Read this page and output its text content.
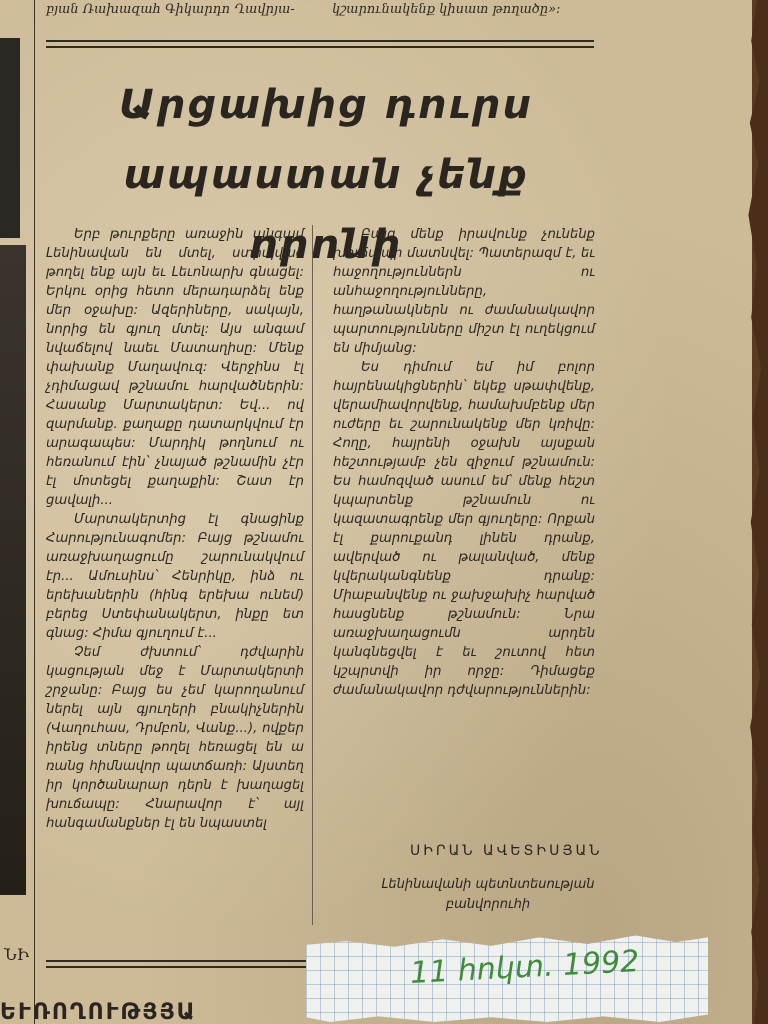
ՆԻ
բյան Ռախազահ Գիկարդո Ղավրյա-	կշարունակենք կիսատ թողածը»:
Արցախից դուրս
ապաստան չենք որոնի

Երբ թուրքերը առաջին անգամ Լենինավան են մտել, ստիպված թողել ենք այն եւ Լեւոնարխ գնացել: Երկու օրից հետո մերադարձել ենք մեր օջախը: Ազերիները, սակայն, նորից են գյուղ մտել: Այս անգամ նվաճելով նաեւ Մատաղիսը: Մենք փախանք Մաղավուզ: Վերջինս էլ չդիմացավ թշնամու հարվածներին: Հասանք Մարտակերտ: Եվ... ով զարմանք. քաղաքը դատարկվում էր արագապես: Մարդիկ թողնում ու հեռանում էին՝ չնայած թշնամին չէր էլ մոտեցել քաղաքին: Շատ էր ցավալի...

Մարտակերտից էլ գնացինք Հարությունագոմեր: Բայց թշնամու առաջխաղացումը շարունակվում էր... Ամուսինս՝ Հենրիկը, ինձ ու երեխաներին (հինգ երեխա ունեմ) բերեց Ստեփանակերտ, ինքը ետ գնաց: Հիմա գյուղում է...

Չեմ ժխտում՝ դժվարին կացության մեջ է Մարտակերտի շրջանը: Բայց ես չեմ կարողանում ներել այն գյուղերի բնակիչներին (Վաղուհաս, Դրմբոն, Վանք...), ովքեր իրենց տները թողել հեռացել են ա ռանց հիմնավոր պատճառի: Այստեղ իր կործանարար դերն է խաղացել խուճապը: Հնարավոր է՝ այլ հանգամանքներ էլ են նպաստել

Բայց մենք իրավունք չունենք խուճապի մատնվել: Պատերազմ է, եւ հաջողություններն ու անհաջողությունները, հաղթանակներն ու ժամանակավոր պարտությունները միշտ էլ ուղեկցում են միմյանց:

Ես դիմում եմ իմ բոլոր հայրենակիցներին՝ եկեք սթափվենք, վերամիավորվենք, համախմբենք մեր ուժերը եւ շարունակենք մեր կռիվը: Հողը, հայրենի օջախն այսքան հեշտությամբ չեն զիջում թշնամուն: Ես համոզված ասում եմ՝ մենք հեշտ կպարտենք թշնամուն ու կազատագրենք մեր գյուղերը: Որքան էլ քարուքանդ լինեն դրանք, ավերված ու թալանված, մենք կվերականգնենք դրանք: Միաբանվենք ու ջախջախիչ հարված հասցնենք թշնամուն: Նրա առաջխաղացումն արդեն կանգնեցվել է եւ շուտով հետ կշպրտվի իր որջը: Դիմացեք ժամանակավոր դժվարություններին:

ՍԻՐԱՆ ԱՎԵՏԻՍՅԱՆ
Լենինավանի պետնտեսության բանվորուհի
ԵՒՌՈՂՈՒԹՅՅԱ
11 հոկտ. 1992
